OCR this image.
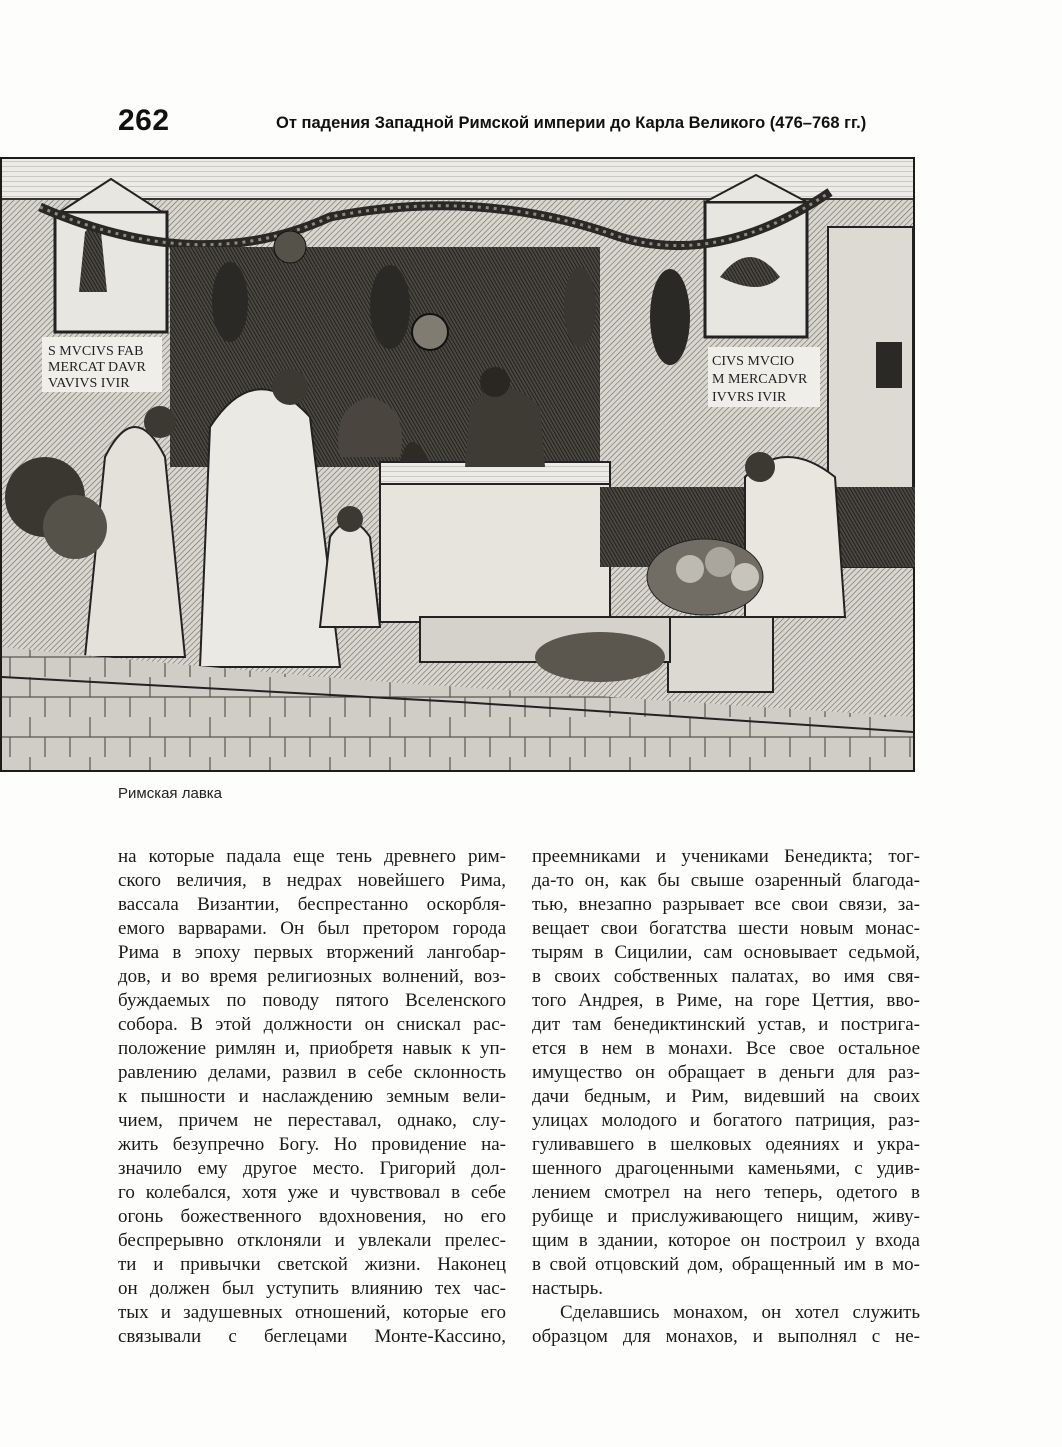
262	От падения Западной Римской империи до Карла Великого (476–768 гг.)
S MVCIVS FAB
MERCAT DAVR
VAVIVS IVIR
CIVS MVCIO
M MERCADVR
IVVRS IVIR
Римская лавка
на которые падала еще тень древнего рим-
ского величия, в недрах новейшего Рима,
вассала Византии, беспрестанно оскорбля-
емого варварами. Он был претором города
Рима в эпоху первых вторжений лангобар-
дов, и во время религиозных волнений, воз-
буждаемых по поводу пятого Вселенского
собора. В этой должности он снискал рас-
положение римлян и, приобретя навык к уп-
равлению делами, развил в себе склонность
к пышности и наслаждению земным вели-
чием, причем не переставал, однако, слу-
жить безупречно Богу. Но провидение на-
значило ему другое место. Григорий дол-
го колебался, хотя уже и чувствовал в себе
огонь божественного вдохновения, но его
беспрерывно отклоняли и увлекали прелес-
ти и привычки светской жизни. Наконец
он должен был уступить влиянию тех час-
тых и задушевных отношений, которые его
связывали с беглецами Монте-Кассино,
преемниками и учениками Бенедикта; тог-
да-то он, как бы свыше озаренный благода-
тью, внезапно разрывает все свои связи, за-
вещает свои богатства шести новым монас-
тырям в Сицилии, сам основывает седьмой,
в своих собственных палатах, во имя свя-
того Андрея, в Риме, на горе Цеттия, вво-
дит там бенедиктинский устав, и постригa-
ется в нем в монахи. Все свое остальное
имущество он обращает в деньги для раз-
дачи бедным, и Рим, видевший на своих
улицах молодого и богатого патриция, раз-
гуливавшего в шелковых одеяниях и укра-
шенного драгоценными каменьями, с удив-
лением смотрел на него теперь, одетого в
рубище и прислуживающего нищим, живу-
щим в здании, которое он построил у входа
в свой отцовский дом, обращенный им в мо-
настырь.
Сделавшись монахом, он хотел служить
образцом для монахов, и выполнял с не-
